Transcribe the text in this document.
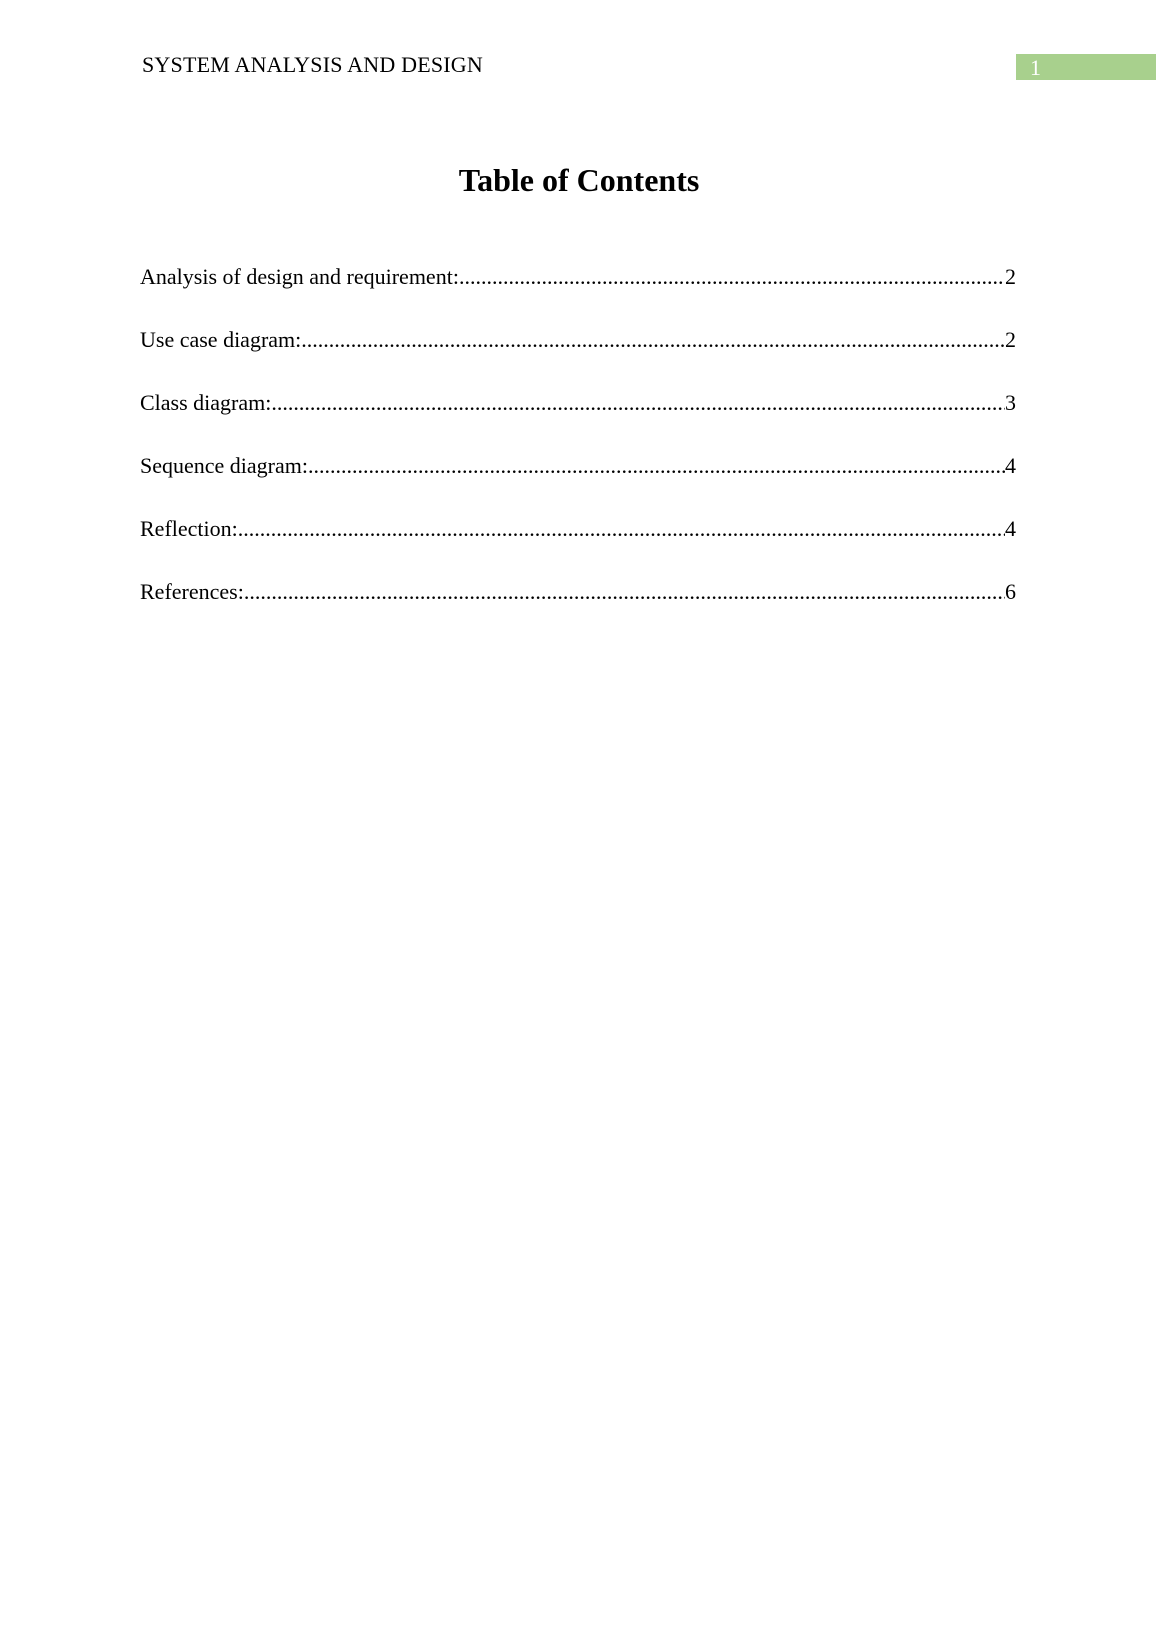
SYSTEM ANALYSIS AND DESIGN	1
Table of Contents
Analysis of design and requirement: .....	2
Use case diagram: .....	2
Class diagram: .....	3
Sequence diagram: .....	4
Reflection: .....	4
References: .....	6
